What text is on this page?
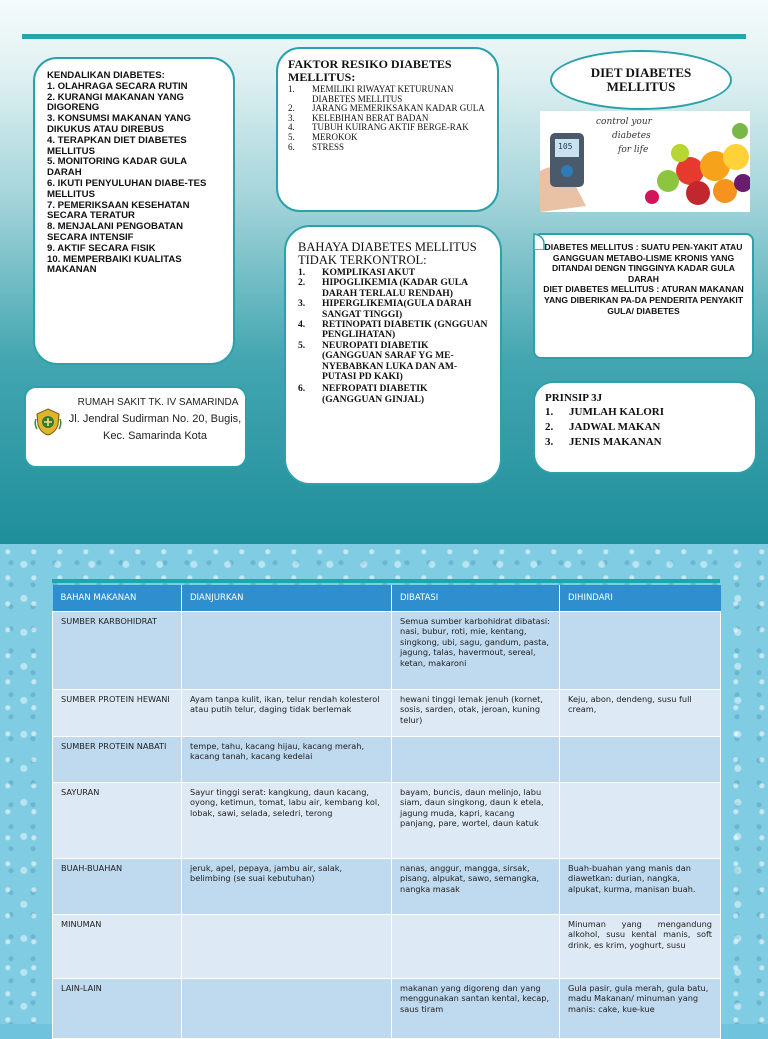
KENDALIKAN DIABETES:
1. OLAHRAGA SECARA RUTIN
2. KURANGI MAKANAN YANG DIGORENG
3. KONSUMSI MAKANAN YANG DIKUKUS ATAU DIREBUS
4. TERAPKAN DIET DIABETES MELLITUS
5. MONITORING KADAR GULA DARAH
6. IKUTI PENYULUHAN DIABE-TES MELLITUS
7. PEMERIKSAAN KESEHATAN SECARA TERATUR
8. MENJALANI PENGOBATAN SECARA INTENSIF
9. AKTIF SECARA FISIK
10. MEMPERBAIKI KUALITAS MAKANAN
FAKTOR RESIKO DIABETES MELLITUS:
1.	MEMILIKI RIWAYAT KETURUNAN DIABETES MELLITUS
2.	JARANG MEMERIKSAKAN KADAR GULA
3.	KELEBIHAN BERAT BADAN
4.	TUBUH KUIRANG AKTIF BERGE-RAK
5.	MEROKOK
6.	STRESS
BAHAYA DIABETES MELLITUS TIDAK TERKONTROL:
1.	KOMPLIKASI AKUT
2.	HIPOGLIKEMIA (KADAR GULA DARAH TERLALU RENDAH)
3.	HIPERGLIKEMIA(GULA DARAH SANGAT TINGGI)
4.	RETINOPATI DIABETIK (GNGGUAN PENGLIHATAN)
5.	NEUROPATI DIABETIK (GANGGUAN SARAF YG ME-NYEBABKAN LUKA DAN AM-PUTASI PD KAKI)
6.	NEFROPATI DIABETIK (GANGGUAN GINJAL)
RUMAH SAKIT TK. IV SAMARINDA
Jl. Jendral Sudirman No. 20, Bugis,
Kec. Samarinda Kota
DIET DIABETES MELLITUS
control your
diabetes
for life
105
DIABETES MELLITUS : SUATU PEN-YAKIT ATAU GANGGUAN METABO-LISME KRONIS YANG DITANDAI DENGN TINGGINYA KADAR GULA DARAH
DIET DIABETES MELLITUS : ATURAN MAKANAN YANG DIBERIKAN PA-DA PENDERITA PENYAKIT GULA/ DIABETES
PRINSIP 3J
1.	JUMLAH KALORI
2.	JADWAL MAKAN
3.	JENIS MAKANAN
BAHAN MAKANAN	DIANJURKAN	DIBATASI	DIHINDARI
SUMBER KARBOHIDRAT		Semua sumber karbohidrat dibatasi: nasi, bubur, roti, mie, kentang, singkong, ubi, sagu, gandum, pasta, jagung, talas, havermout, sereal, ketan, makaroni	
SUMBER PROTEIN HEWANI	Ayam tanpa kulit, ikan, telur rendah kolesterol atau putih telur, daging tidak berlemak	hewani tinggi lemak jenuh (kornet, sosis, sarden, otak, jeroan, kuning telur)	Keju, abon, dendeng, susu full cream,
SUMBER PROTEIN NABATI	tempe, tahu, kacang hijau, kacang merah, kacang tanah, kacang kedelai		
SAYURAN	Sayur tinggi serat: kangkung, daun kacang, oyong, ketimun, tomat, labu air, kembang kol, lobak, sawi, selada, seledri, terong	bayam, buncis, daun melinjo, labu siam, daun singkong, daun k etela, jagung muda, kapri, kacang panjang, pare, wortel, daun katuk	
BUAH-BUAHAN	jeruk, apel, pepaya, jambu air, salak, belimbing (se suai kebutuhan)	nanas, anggur, mangga, sirsak, pisang, alpukat, sawo, semangka, nangka masak	Buah-buahan yang manis dan diawetkan: durian, nangka, alpukat, kurma, manisan buah.
MINUMAN			Minuman yang mengandung alkohol, susu kental manis, soft drink, es krim, yoghurt, susu
LAIN-LAIN		makanan yang digoreng dan yang menggunakan santan kental, kecap, saus tiram	Gula pasir, gula merah, gula batu, madu Makanan/ minuman yang manis: cake, kue-kue
